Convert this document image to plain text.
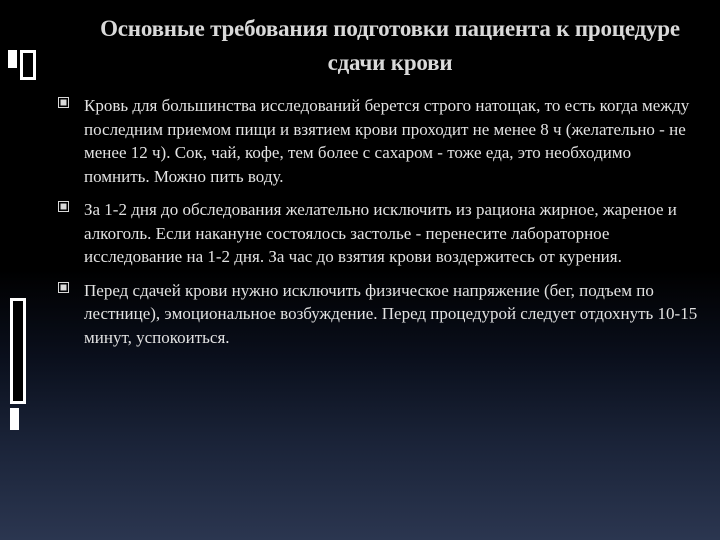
Основные требования подготовки пациента к процедуре сдачи крови
Кровь для большинства исследований берется строго натощак, то есть когда между последним приемом пищи и взятием крови проходит не менее 8 ч (желательно - не менее 12 ч). Сок, чай, кофе, тем более с сахаром - тоже еда, это необходимо помнить. Можно пить воду.
За 1-2 дня до обследования желательно исключить из рациона жирное, жареное и алкоголь. Если накануне состоялось застолье - перенесите лабораторное исследование на 1-2 дня. За час до взятия крови воздержитесь от курения.
Перед сдачей крови нужно исключить физическое напряжение (бег, подъем по лестнице), эмоциональное возбуждение. Перед процедурой следует отдохнуть 10-15 минут, успокоиться.
